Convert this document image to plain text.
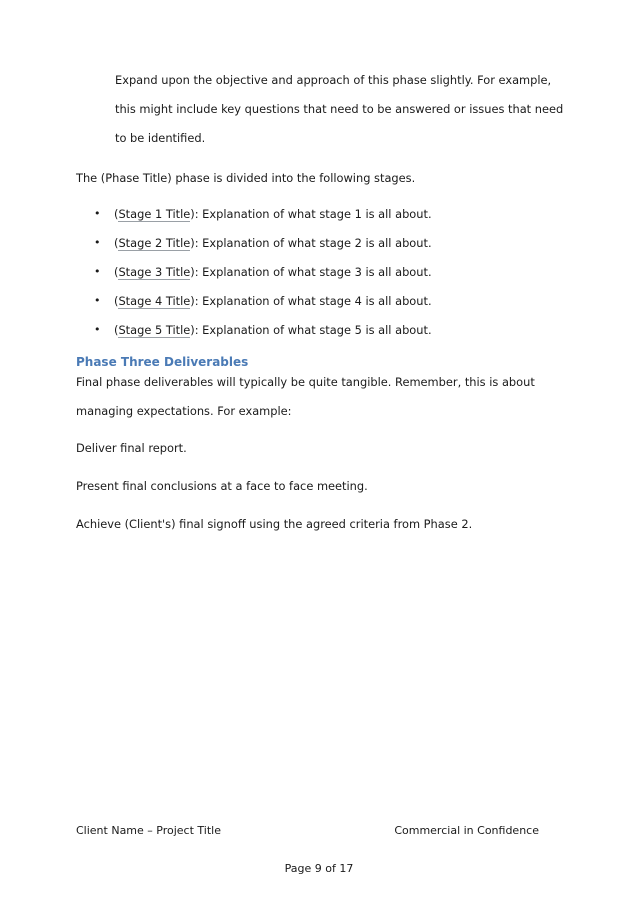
Expand upon the objective and approach of this phase slightly. For example,
this might include key questions that need to be answered or issues that need
to be identified.
The (Phase Title) phase is divided into the following stages.
• (Stage 1 Title): Explanation of what stage 1 is all about.
• (Stage 2 Title): Explanation of what stage 2 is all about.
• (Stage 3 Title): Explanation of what stage 3 is all about.
• (Stage 4 Title): Explanation of what stage 4 is all about.
• (Stage 5 Title): Explanation of what stage 5 is all about.
Phase Three Deliverables
Final phase deliverables will typically be quite tangible. Remember, this is about
managing expectations. For example:
Deliver final report.
Present final conclusions at a face to face meeting.
Achieve (Client's) final signoff using the agreed criteria from Phase 2.
Client Name – Project Title	Commercial in Confidence
Page 9 of 17
